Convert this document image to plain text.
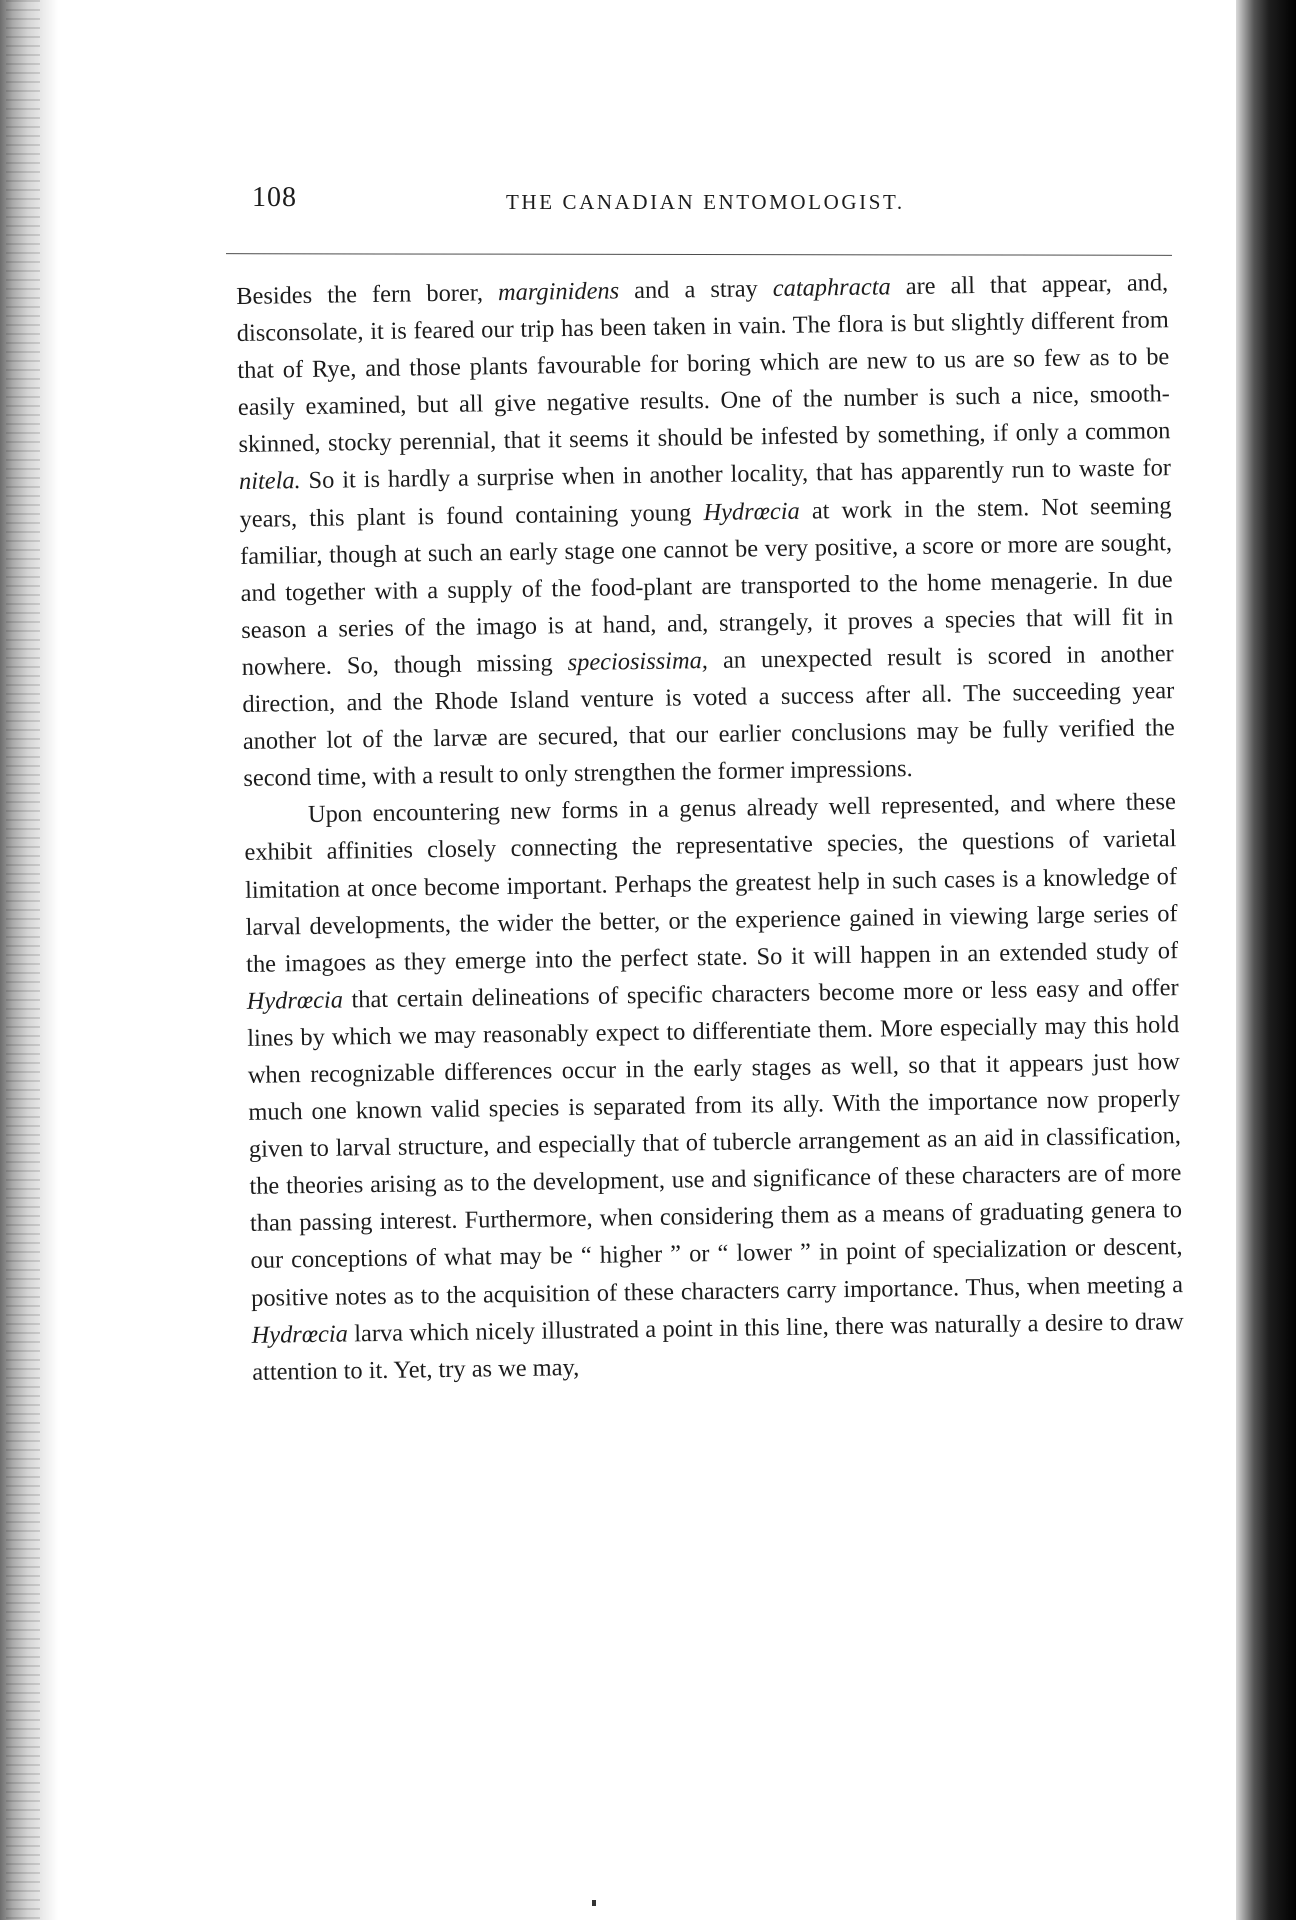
108	THE CANADIAN ENTOMOLOGIST.

Besides the fern borer, marginidens and a stray cataphracta are all that appear, and, disconsolate, it is feared our trip has been taken in vain. The flora is but slightly different from that of Rye, and those plants favourable for boring which are new to us are so few as to be easily examined, but all give negative results. One of the number is such a nice, smooth-skinned, stocky perennial, that it seems it should be infested by something, if only a common nitela. So it is hardly a surprise when in another locality, that has apparently run to waste for years, this plant is found containing young Hydrœcia at work in the stem. Not seeming familiar, though at such an early stage one cannot be very positive, a score or more are sought, and together with a supply of the food-plant are transported to the home menagerie. In due season a series of the imago is at hand, and, strangely, it proves a species that will fit in nowhere. So, though missing speciosissima, an unexpected result is scored in another direction, and the Rhode Island venture is voted a success after all. The succeeding year another lot of the larvæ are secured, that our earlier conclusions may be fully verified the second time, with a result to only strengthen the former impressions.

Upon encountering new forms in a genus already well represented, and where these exhibit affinities closely connecting the representative species, the questions of varietal limitation at once become important. Perhaps the greatest help in such cases is a knowledge of larval developments, the wider the better, or the experience gained in viewing large series of the imagoes as they emerge into the perfect state. So it will happen in an extended study of Hydrœcia that certain delineations of specific characters become more or less easy and offer lines by which we may reasonably expect to differentiate them. More especially may this hold when recognizable differences occur in the early stages as well, so that it appears just how much one known valid species is separated from its ally. With the importance now properly given to larval structure, and especially that of tubercle arrangement as an aid in classification, the theories arising as to the development, use and significance of these characters are of more than passing interest. Furthermore, when considering them as a means of graduating genera to our conceptions of what may be “ higher ” or “ lower ” in point of specialization or descent, positive notes as to the acquisition of these characters carry importance. Thus, when meeting a Hydrœcia larva which nicely illustrated a point in this line, there was naturally a desire to draw attention to it. Yet, try as we may,
